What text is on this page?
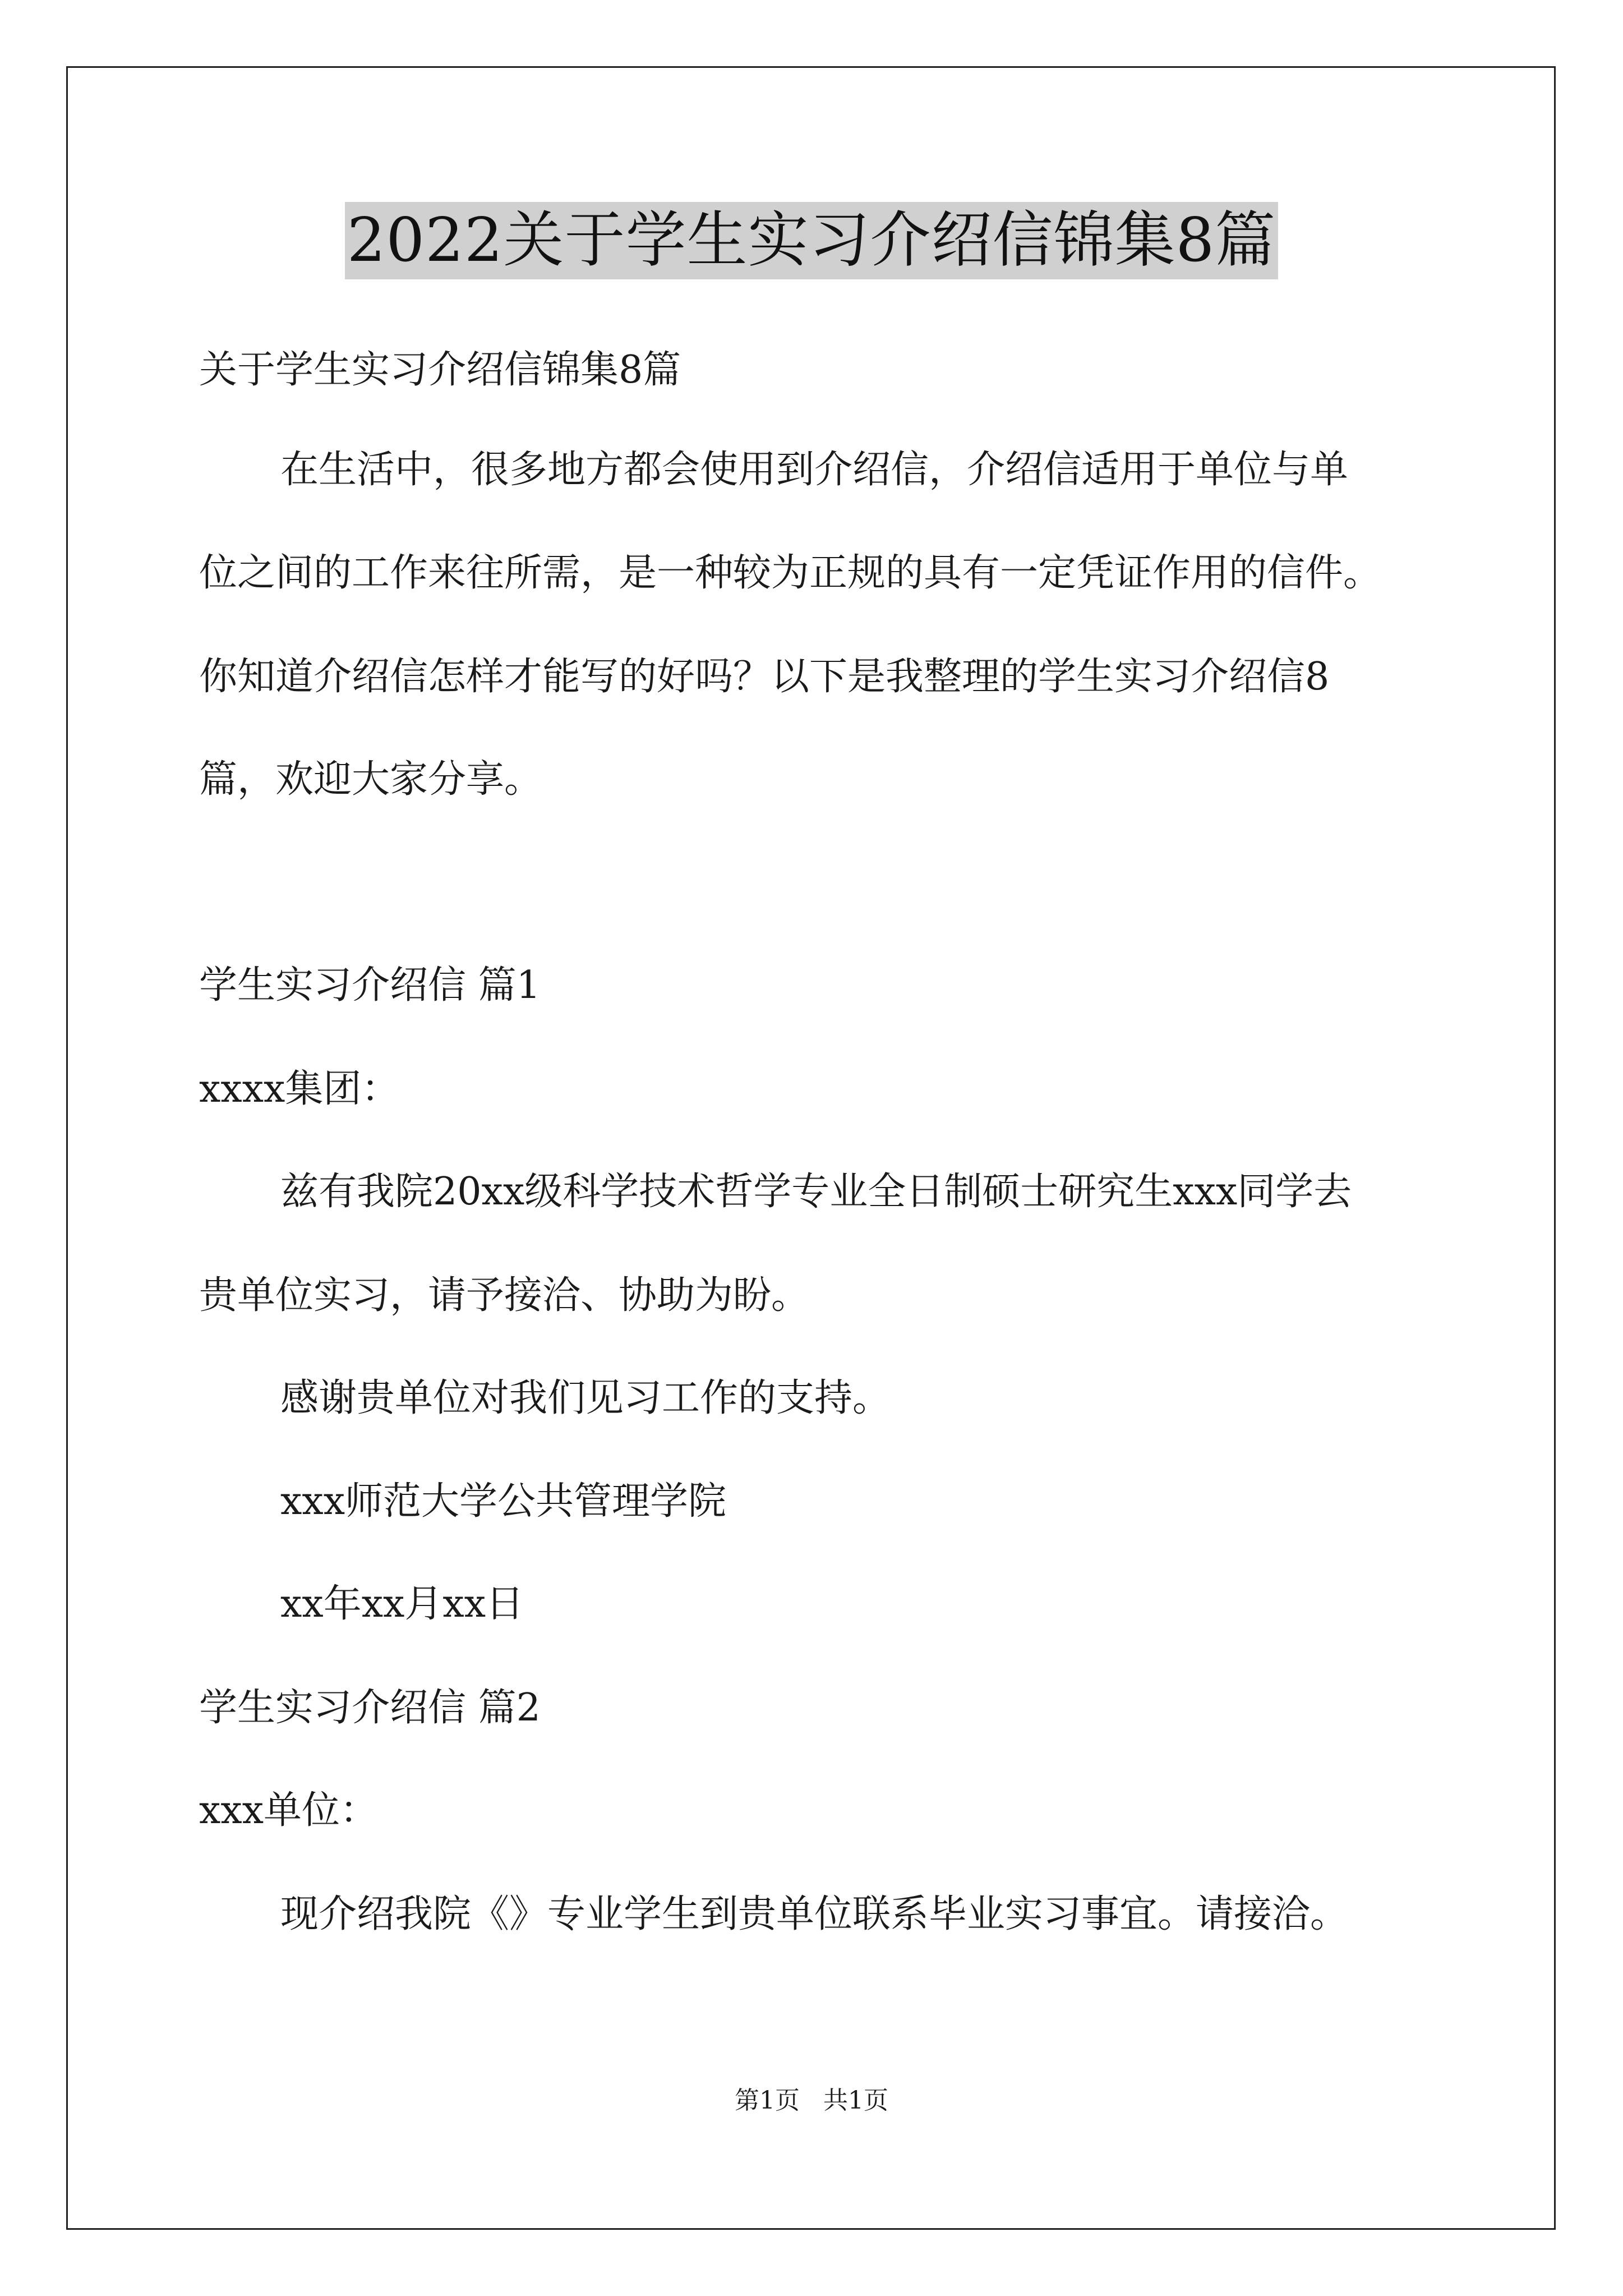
2022关于学生实习介绍信锦集8篇
关于学生实习介绍信锦集8篇
在生活中，很多地方都会使用到介绍信，介绍信适用于单位与单
位之间的工作来往所需，是一种较为正规的具有一定凭证作用的信件。
你知道介绍信怎样才能写的好吗？以下是我整理的学生实习介绍信8
篇，欢迎大家分享。
学生实习介绍信 篇1
xxxx集团：
兹有我院20xx级科学技术哲学专业全日制硕士研究生xxx同学去
贵单位实习，请予接洽、协助为盼。
感谢贵单位对我们见习工作的支持。
xxx师范大学公共管理学院
xx年xx月xx日
学生实习介绍信 篇2
xxx单位：
现介绍我院《》专业学生到贵单位联系毕业实习事宜。请接洽。
第1页   共1页
